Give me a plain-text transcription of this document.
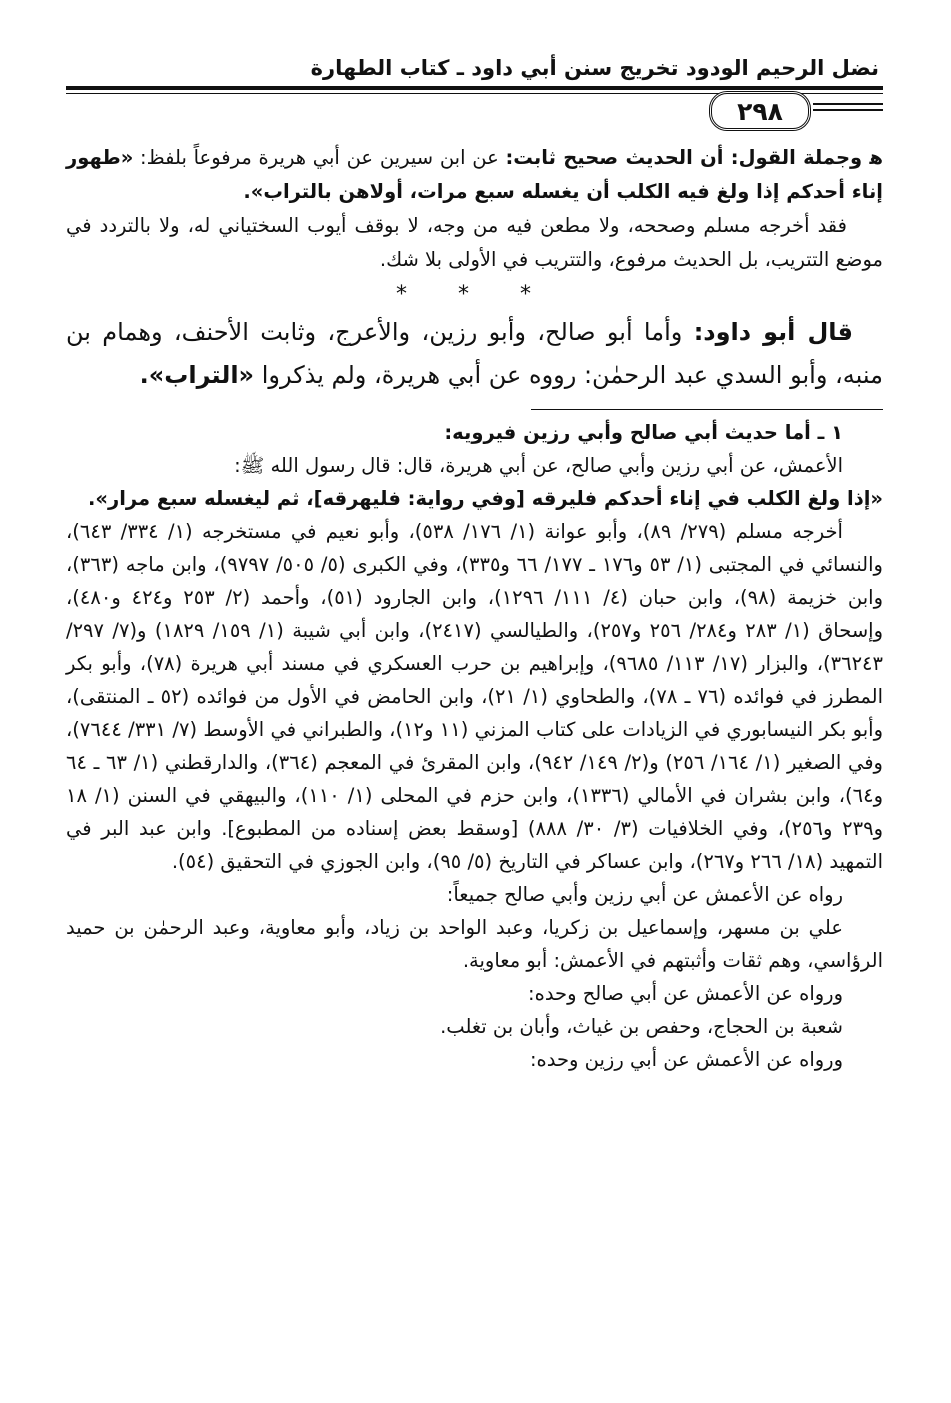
نضل الرحيم الودود تخريج سنن أبي داود ـ كتاب الطهارة
٢٩٨

ﻫ وجملة القول: أن الحديث صحيح ثابت: عن ابن سيرين عن أبي هريرة مرفوعاً بلفظ: «طهور إناء أحدكم إذا ولغ فيه الكلب أن يغسله سبع مرات، أولاهن بالتراب».

فقد أخرجه مسلم وصححه، ولا مطعن فيه من وجه، لا بوقف أيوب السختياني له، ولا بالتردد في موضع التتريب، بل الحديث مرفوع، والتتريب في الأولى بلا شك.

* * *

قال أبو داود: وأما أبو صالح، وأبو رزين، والأعرج، وثابت الأحنف، وهمام بن منبه، وأبو السدي عبد الرحمٰن: رووه عن أبي هريرة، ولم يذكروا «التراب».

١ ـ أما حديث أبي صالح وأبي رزين فيرويه:

الأعمش، عن أبي رزين وأبي صالح، عن أبي هريرة، قال: قال رسول الله ﷺ:

«إذا ولغ الكلب في إناء أحدكم فليرقه [وفي رواية: فليهرقه]، ثم ليغسله سبع مرار».

أخرجه مسلم (٢٧٩/ ٨٩)، وأبو عوانة (١/ ١٧٦/ ٥٣٨)، وأبو نعيم في مستخرجه (١/ ٣٣٤/ ٦٤٣)، والنسائي في المجتبى (١/ ٥٣ و١٧٦ ـ ١٧٧/ ٦٦ و٣٣٥)، وفي الكبرى (٥/ ٥٠٥/ ٩٧٩٧)، وابن ماجه (٣٦٣)، وابن خزيمة (٩٨)، وابن حبان (٤/ ١١١/ ١٢٩٦)، وابن الجارود (٥١)، وأحمد (٢/ ٢٥٣ و٤٢٤ و٤٨٠)، وإسحاق (١/ ٢٨٣ و٢٨٤/ ٢٥٦ و٢٥٧)، والطيالسي (٢٤١٧)، وابن أبي شيبة (١/ ١٥٩/ ١٨٢٩) و(٧/ ٢٩٧/ ٣٦٢٤٣)، والبزار (١٧/ ١١٣/ ٩٦٨٥)، وإبراهيم بن حرب العسكري في مسند أبي هريرة (٧٨)، وأبو بكر المطرز في فوائده (٧٦ ـ ٧٨)، والطحاوي (١/ ٢١)، وابن الحامض في الأول من فوائده (٥٢ ـ المنتقى)، وأبو بكر النيسابوري في الزيادات على كتاب المزني (١١ و١٢)، والطبراني في الأوسط (٧/ ٣٣١/ ٧٦٤٤)، وفي الصغير (١/ ١٦٤/ ٢٥٦) و(٢/ ١٤٩/ ٩٤٢)، وابن المقرئ في المعجم (٣٦٤)، والدارقطني (١/ ٦٣ ـ ٦٤ و٦٤)، وابن بشران في الأمالي (١٣٣٦)، وابن حزم في المحلى (١/ ١١٠)، والبيهقي في السنن (١/ ١٨ و٢٣٩ و٢٥٦)، وفي الخلافيات (٣/ ٣٠/ ٨٨٨) [وسقط بعض إسناده من المطبوع]. وابن عبد البر في التمهيد (١٨/ ٢٦٦ و٢٦٧)، وابن عساكر في التاريخ (٥/ ٩٥)، وابن الجوزي في التحقيق (٥٤).

رواه عن الأعمش عن أبي رزين وأبي صالح جميعاً:

علي بن مسهر، وإسماعيل بن زكريا، وعبد الواحد بن زياد، وأبو معاوية، وعبد الرحمٰن بن حميد الرؤاسي، وهم ثقات وأثبتهم في الأعمش: أبو معاوية.

ورواه عن الأعمش عن أبي صالح وحده:

شعبة بن الحجاج، وحفص بن غياث، وأبان بن تغلب.

ورواه عن الأعمش عن أبي رزين وحده:
